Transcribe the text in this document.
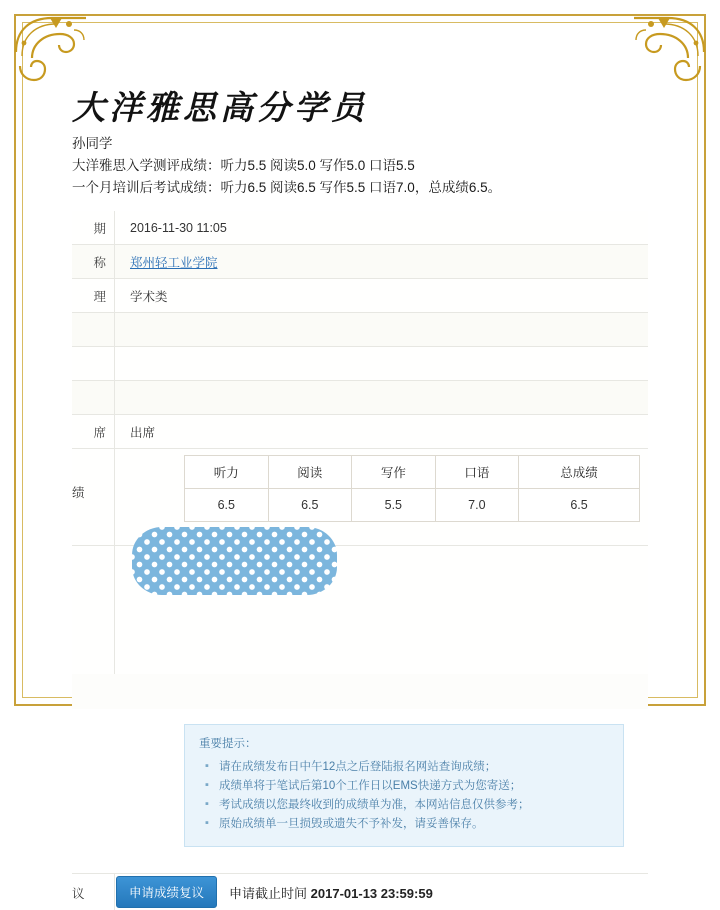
大洋雅思高分学员
孙同学
大洋雅思入学测评成绩：听力5.5 阅读5.0 写作5.0 口语5.5
一个月培训后考试成绩：听力6.5 阅读6.5 写作5.5 口语7.0，总成绩6.5。
期	2016-11-30 11:05
称	郑州轻工业学院
理	学术类
席	出席
绩
听力	阅读	写作	口语	总成绩
6.5	6.5	5.5	7.0	6.5
重要提示：
▪ 请在成绩发布日中午12点之后登陆报名网站查询成绩；
▪ 成绩单将于笔试后第10个工作日以EMS快递方式为您寄送；
▪ 考试成绩以您最终收到的成绩单为准，本网站信息仅供参考；
▪ 原始成绩单一旦损毁或遗失不予补发，请妥善保存。
议	申请成绩复议	申请截止时间 2017-01-13 23:59:59
